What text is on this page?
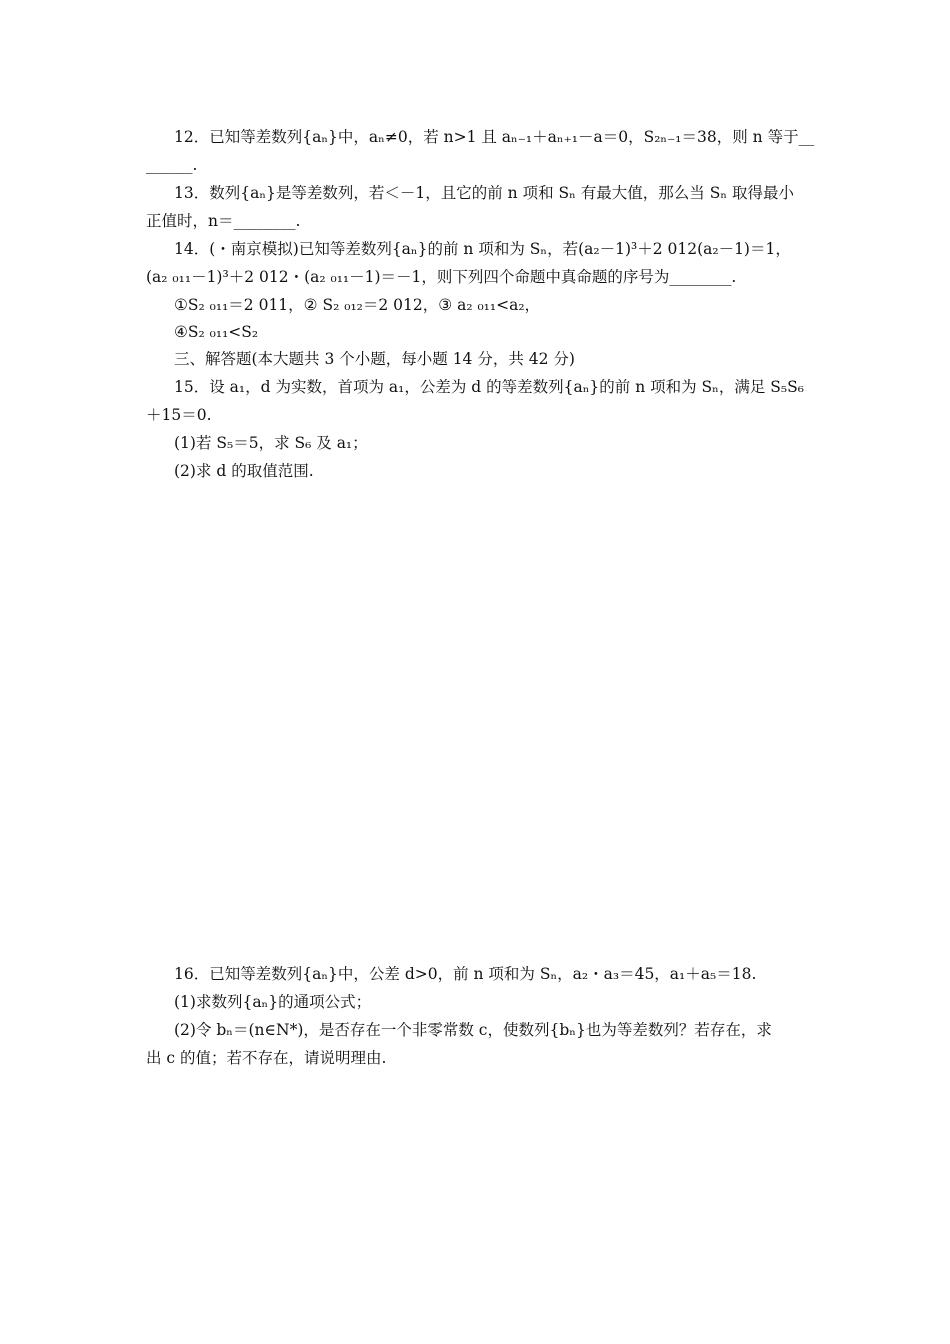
12．已知等差数列{aₙ}中，aₙ≠0，若 n>1 且 aₙ₋₁＋aₙ₊₁－a＝0，S₂ₙ₋₁＝38，则 n 等于__
______.
13．数列{aₙ}是等差数列，若＜－1，且它的前 n 项和 Sₙ 有最大值，那么当 Sₙ 取得最小
正值时，n＝________.
14．(・南京模拟)已知等差数列{aₙ}的前 n 项和为 Sₙ，若(a₂－1)³＋2 012(a₂－1)＝1，
(a₂ ₀₁₁－1)³＋2 012・(a₂ ₀₁₁－1)＝－1，则下列四个命题中真命题的序号为________.
①S₂ ₀₁₁＝2 011，② S₂ ₀₁₂＝2 012，③ a₂ ₀₁₁<a₂，
④S₂ ₀₁₁<S₂
三、解答题(本大题共 3 个小题，每小题 14 分，共 42 分)
15．设 a₁，d 为实数，首项为 a₁，公差为 d 的等差数列{aₙ}的前 n 项和为 Sₙ，满足 S₅S₆
＋15＝0.
(1)若 S₅＝5，求 S₆ 及 a₁；
(2)求 d 的取值范围.
16．已知等差数列{aₙ}中，公差 d>0，前 n 项和为 Sₙ，a₂・a₃＝45，a₁＋a₅＝18.
(1)求数列{aₙ}的通项公式；
(2)令 bₙ＝(n∈N*)，是否存在一个非零常数 c，使数列{bₙ}也为等差数列？若存在，求
出 c 的值；若不存在，请说明理由.
